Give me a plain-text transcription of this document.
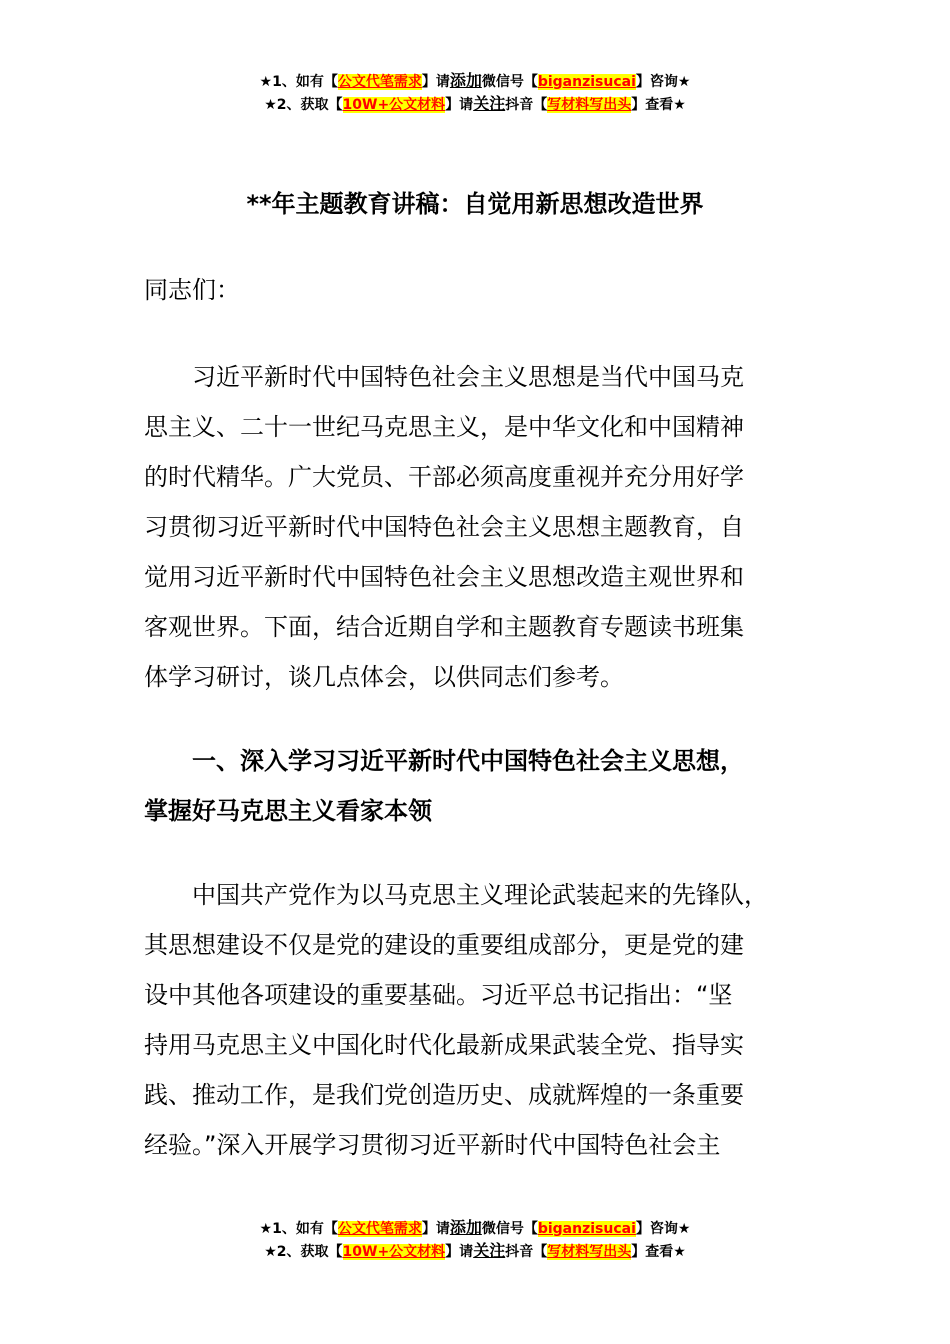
★1、如有【公文代笔需求】请添加微信号【biganzisucai】咨询★
★2、获取【10W+公文材料】请关注抖音【写材料写出头】查看★
**年主题教育讲稿：自觉用新思想改造世界
同志们：
习近平新时代中国特色社会主义思想是当代中国马克
思主义、二十一世纪马克思主义，是中华文化和中国精神
的时代精华。广大党员、干部必须高度重视并充分用好学
习贯彻习近平新时代中国特色社会主义思想主题教育，自
觉用习近平新时代中国特色社会主义思想改造主观世界和
客观世界。下面，结合近期自学和主题教育专题读书班集
体学习研讨，谈几点体会，以供同志们参考。
一、深入学习习近平新时代中国特色社会主义思想，
掌握好马克思主义看家本领
中国共产党作为以马克思主义理论武装起来的先锋队，
其思想建设不仅是党的建设的重要组成部分，更是党的建
设中其他各项建设的重要基础。习近平总书记指出：“坚
持用马克思主义中国化时代化最新成果武装全党、指导实
践、推动工作，是我们党创造历史、成就辉煌的一条重要
经验。”深入开展学习贯彻习近平新时代中国特色社会主
★1、如有【公文代笔需求】请添加微信号【biganzisucai】咨询★
★2、获取【10W+公文材料】请关注抖音【写材料写出头】查看★
